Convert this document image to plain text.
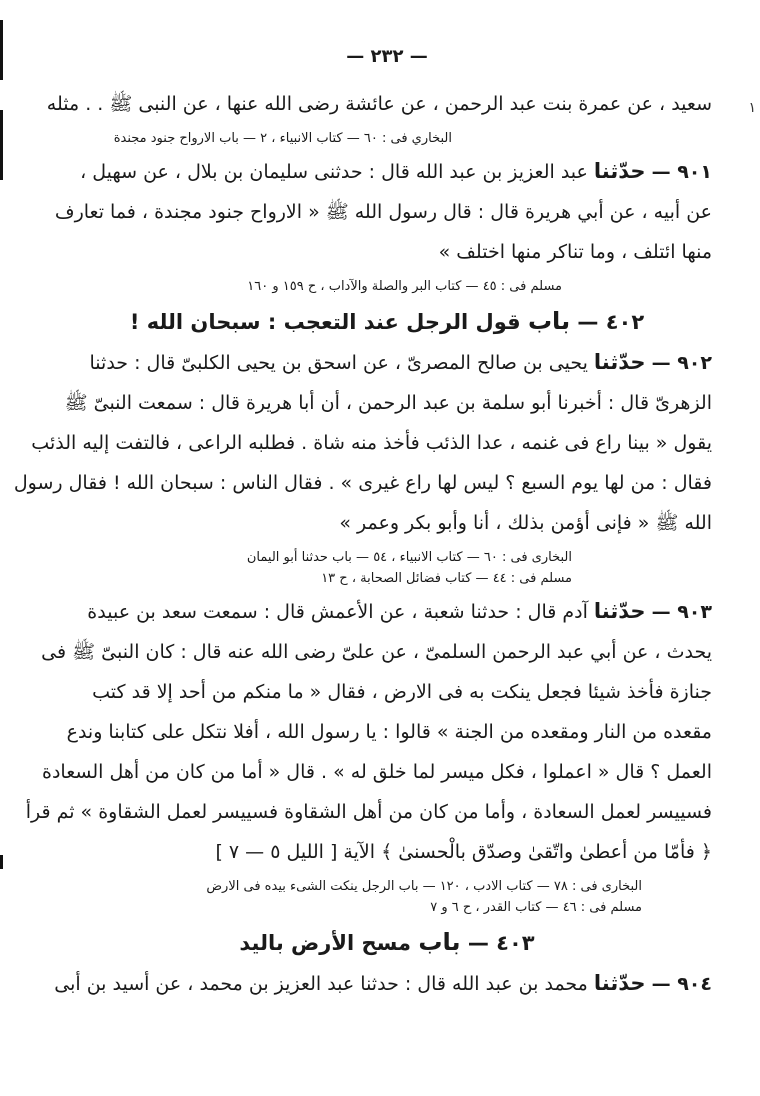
١
— ٢٣٢ —
سعيد ، عن عمرة بنت عبد الرحمن ، عن عائشة رضى الله عنها ، عن النبى ﷺ . . مثله
البخاري فى : ٦٠ — كتاب الانبياء ، ٢ — باب الارواح جنود مجندة
٩٠١ — حدّثنا عبد العزيز بن عبد الله قال : حدثنى سليمان بن بلال ، عن سهيل ،
عن أبيه ، عن أبي هريرة قال : قال رسول الله ﷺ « الارواح جنود مجندة ، فما تعارف
منها ائتلف ، وما تناكر منها اختلف »
مسلم فى : ٤٥ — كتاب البر والصلة والآداب ، ح ١٥٩ و ١٦٠
٤٠٢ — باب قول الرجل عند التعجب : سبحان الله !
٩٠٢ — حدّثنا يحيى بن صالح المصرىّ ، عن اسحق بن يحيى الكلبىّ قال : حدثنا
الزهرىّ قال : أخبرنا أبو سلمة بن عبد الرحمن ، أن أبا هريرة قال : سمعت النبىّ ﷺ
يقول « بينا راع فى غنمه ، عدا الذئب فأخذ منه شاة . فطلبه الراعى ، فالتفت إليه الذئب
فقال : من لها يوم السبع ؟ ليس لها راع غيرى » . فقال الناس : سبحان الله ! فقال رسول
الله ﷺ « فإنى أؤمن بذلك ، أنا وأبو بكر وعمر »
البخارى فى : ٦٠ — كتاب الانبياء ، ٥٤ — باب حدثنا أبو اليمان
مسلم فى : ٤٤ — كتاب فضائل الصحابة ، ح ١٣
٩٠٣ — حدّثنا آدم قال : حدثنا شعبة ، عن الأعمش قال : سمعت سعد بن عبيدة
يحدث ، عن أبي عبد الرحمن السلمىّ ، عن علىّ رضى الله عنه قال : كان النبىّ ﷺ فى
جنازة فأخذ شيئا فجعل ينكت به فى الارض ، فقال « ما منكم من أحد إلا قد كتب
مقعده من النار ومقعده من الجنة » قالوا : يا رسول الله ، أفلا نتكل على كتابنا وندع
العمل ؟ قال « اعملوا ، فكل ميسر لما خلق له » . قال « أما من كان من أهل السعادة
فسييسر لعمل السعادة ، وأما من كان من أهل الشقاوة فسييسر لعمل الشقاوة » ثم قرأ
﴿ فأمّا من أعطىٰ واتّقىٰ وصدّق بالْحسنىٰ ﴾ الآية [ الليل ٥ — ٧ ]
البخارى فى : ٧٨ — كتاب الادب ، ١٢٠ — باب الرجل ينكت الشىء بيده فى الارض
مسلم فى : ٤٦ — كتاب القدر ، ح ٦ و ٧
٤٠٣ — باب مسح الأرض باليد
٩٠٤ — حدّثنا محمد بن عبد الله قال : حدثنا عبد العزيز بن محمد ، عن أسيد بن أبى
